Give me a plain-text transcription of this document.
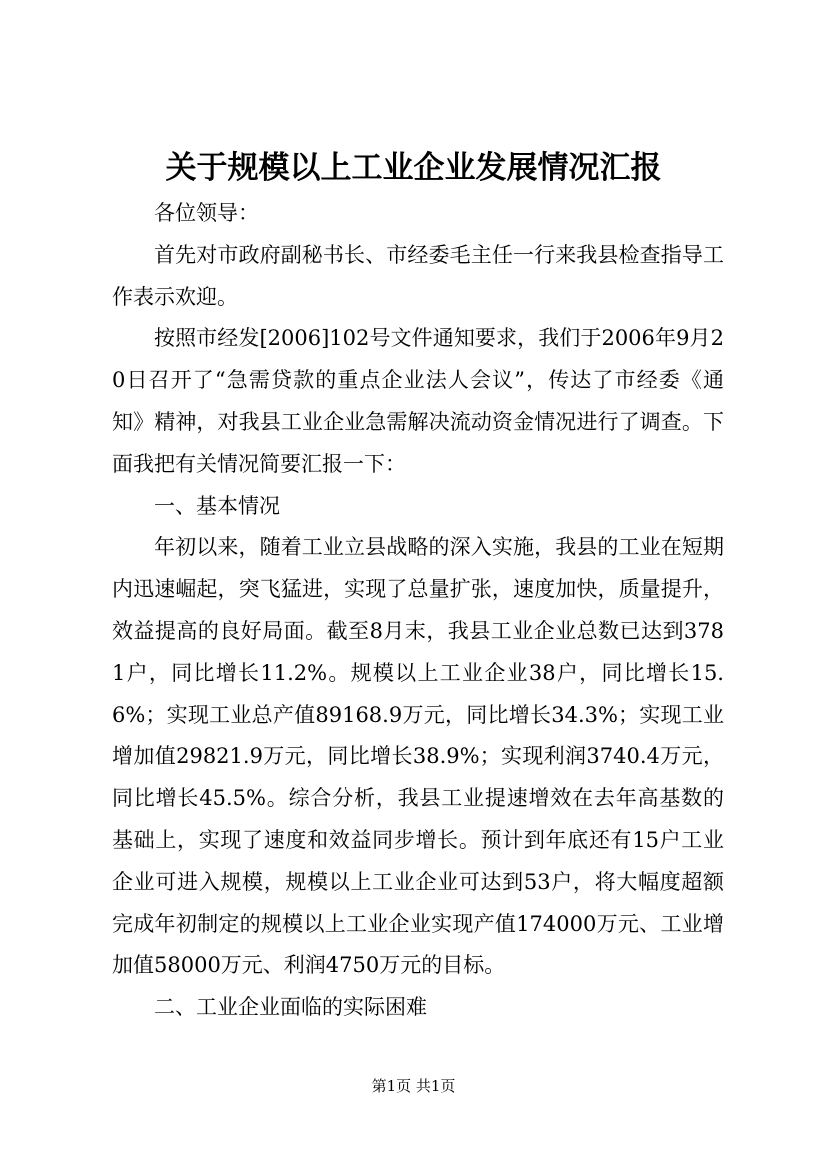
关于规模以上工业企业发展情况汇报

各位领导：

首先对市政府副秘书长、市经委毛主任一行来我县检查指导工作表示欢迎。

按照市经发[2006]102号文件通知要求，我们于2006年9月20日召开了“急需贷款的重点企业法人会议”，传达了市经委《通知》精神，对我县工业企业急需解决流动资金情况进行了调查。下面我把有关情况简要汇报一下：

一、基本情况

年初以来，随着工业立县战略的深入实施，我县的工业在短期内迅速崛起，突飞猛进，实现了总量扩张，速度加快，质量提升，效益提高的良好局面。截至8月末，我县工业企业总数已达到3781户，同比增长11.2%。规模以上工业企业38户，同比增长15.6%；实现工业总产值89168.9万元，同比增长34.3%；实现工业增加值29821.9万元，同比增长38.9%；实现利润3740.4万元，同比增长45.5%。综合分析，我县工业提速增效在去年高基数的基础上，实现了速度和效益同步增长。预计到年底还有15户工业企业可进入规模，规模以上工业企业可达到53户，将大幅度超额完成年初制定的规模以上工业企业实现产值174000万元、工业增加值58000万元、利润4750万元的目标。

二、工业企业面临的实际困难

第1页 共1页
